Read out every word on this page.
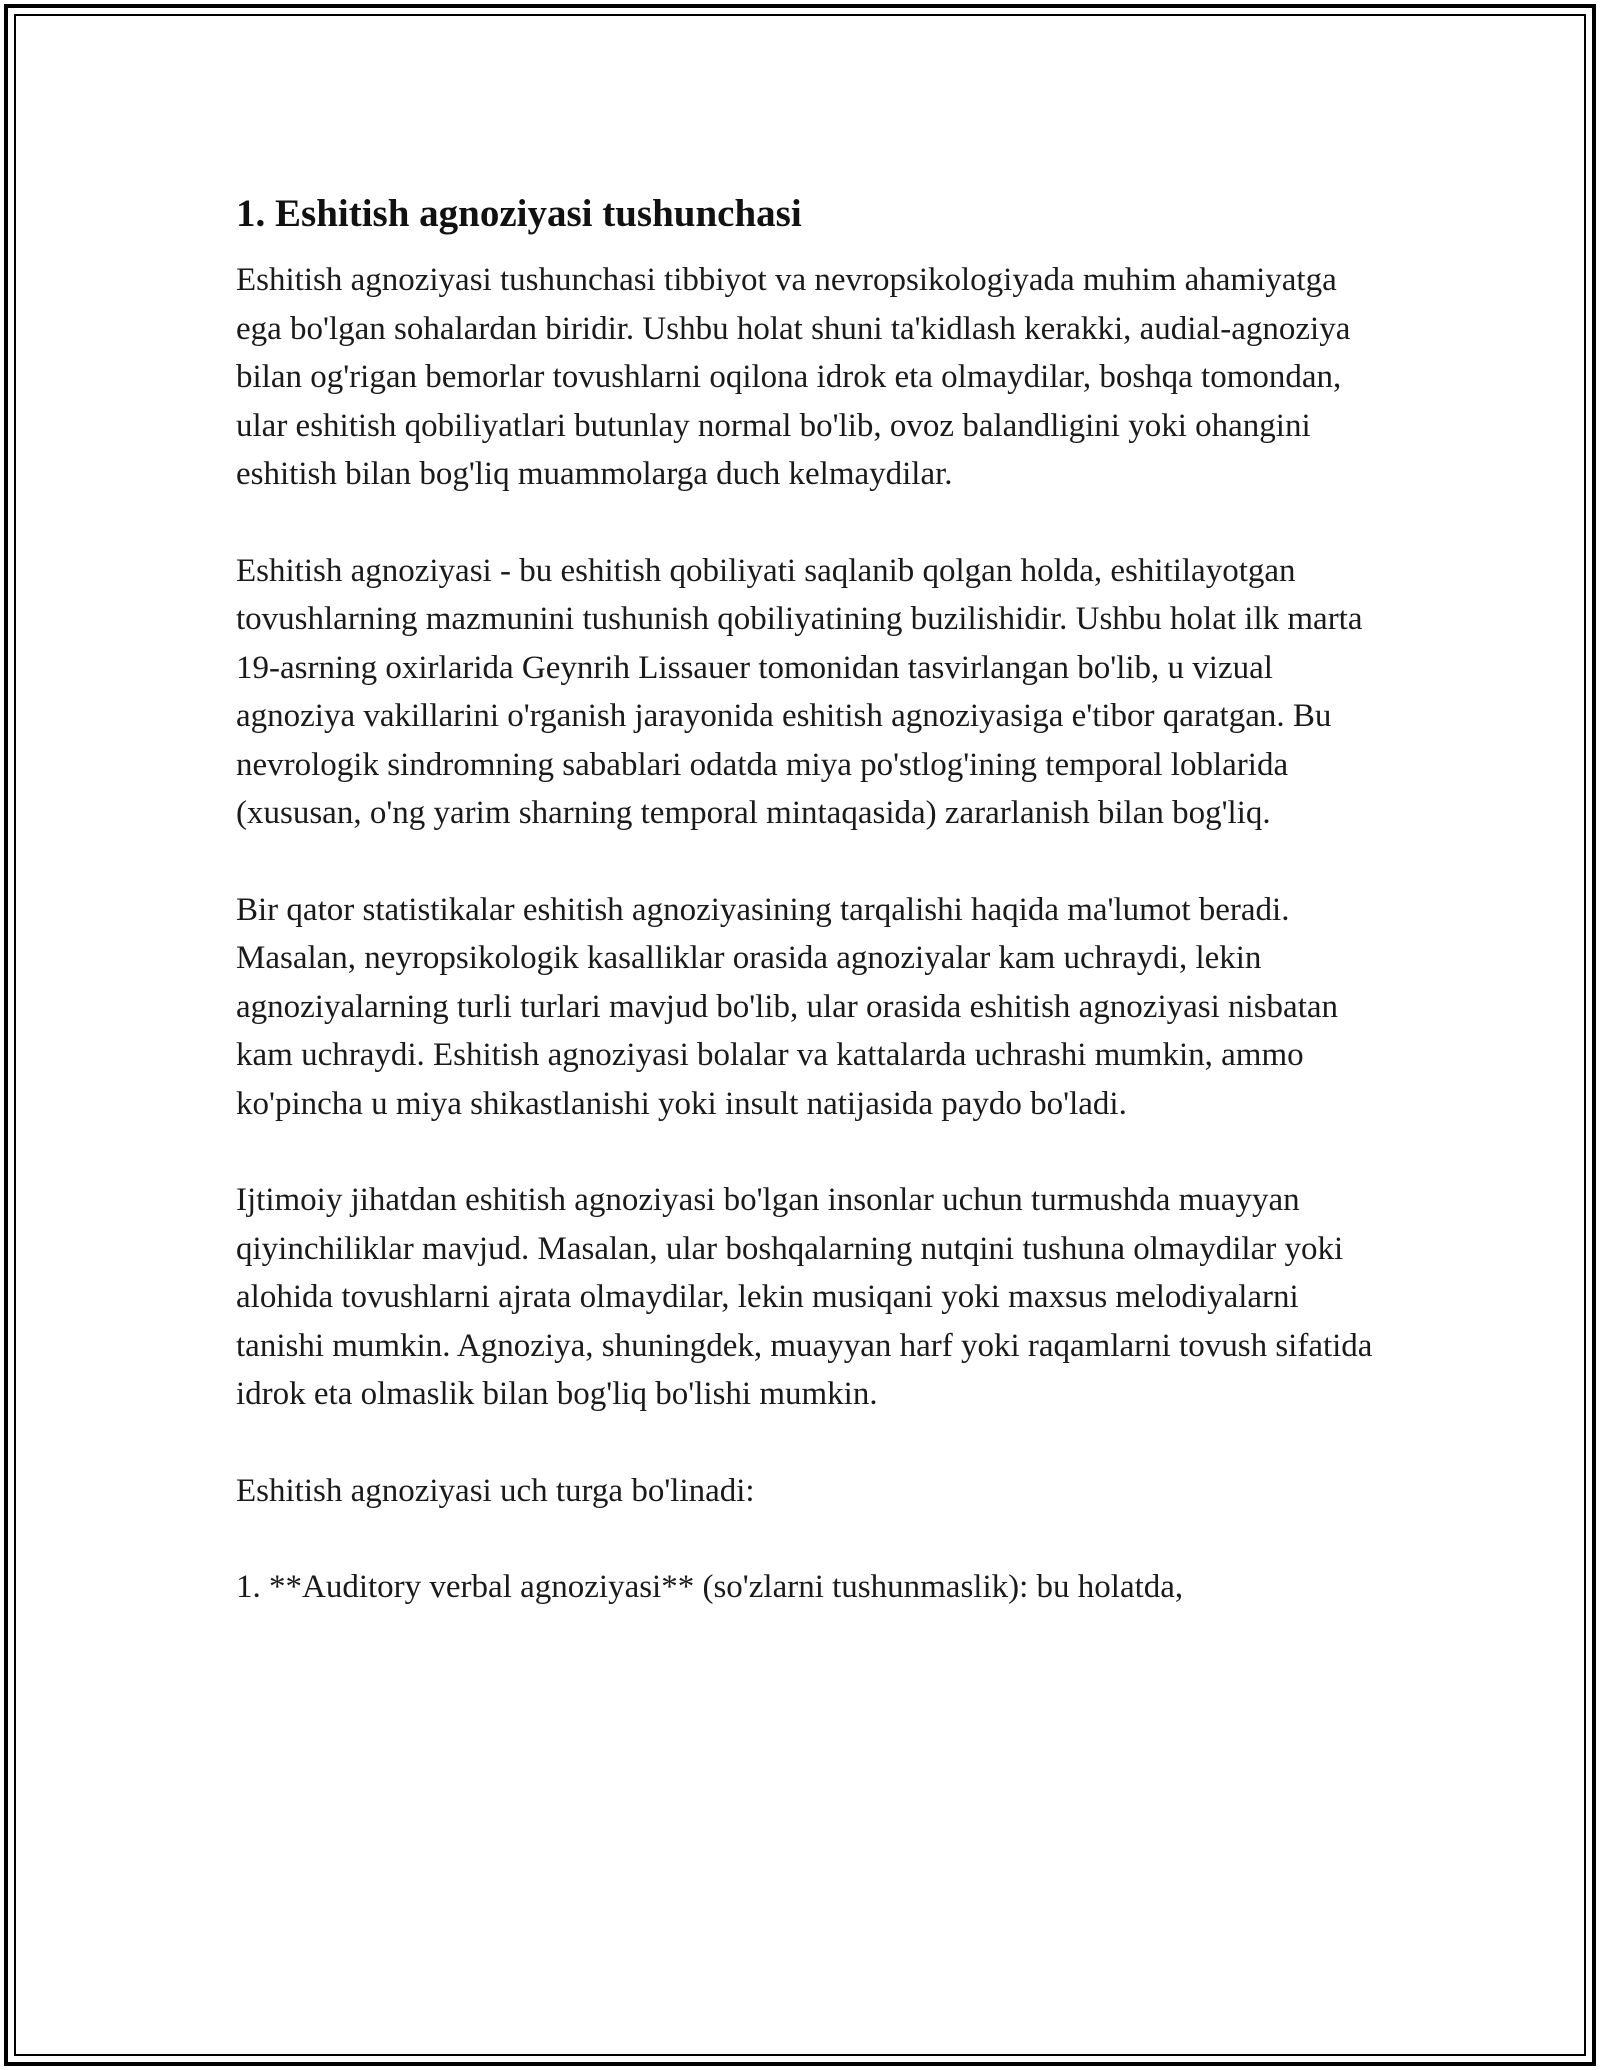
1. Eshitish agnoziyasi tushunchasi

Eshitish agnoziyasi tushunchasi tibbiyot va nevropsikologiyada muhim ahamiyatga ega bo'lgan sohalardan biridir. Ushbu holat shuni ta'kidlash kerakki, audial-agnoziya bilan og'rigan bemorlar tovushlarni oqilona idrok eta olmaydilar, boshqa tomondan, ular eshitish qobiliyatlari butunlay normal bo'lib, ovoz balandligini yoki ohangini eshitish bilan bog'liq muammolarga duch kelmaydilar.

Eshitish agnoziyasi - bu eshitish qobiliyati saqlanib qolgan holda, eshitilayotgan tovushlarning mazmunini tushunish qobiliyatining buzilishidir. Ushbu holat ilk marta 19-asrning oxirlarida Geynrih Lissauer tomonidan tasvirlangan bo'lib, u vizual agnoziya vakillarini o'rganish jarayonida eshitish agnoziyasiga e'tibor qaratgan. Bu nevrologik sindromning sabablari odatda miya po'stlog'ining temporal loblarida (xususan, o'ng yarim sharning temporal mintaqasida) zararlanish bilan bog'liq.

Bir qator statistikalar eshitish agnoziyasining tarqalishi haqida ma'lumot beradi. Masalan, neyropsikologik kasalliklar orasida agnoziyalar kam uchraydi, lekin agnoziyalarning turli turlari mavjud bo'lib, ular orasida eshitish agnoziyasi nisbatan kam uchraydi. Eshitish agnoziyasi bolalar va kattalarda uchrashi mumkin, ammo ko'pincha u miya shikastlanishi yoki insult natijasida paydo bo'ladi.

Ijtimoiy jihatdan eshitish agnoziyasi bo'lgan insonlar uchun turmushda muayyan qiyinchiliklar mavjud. Masalan, ular boshqalarning nutqini tushuna olmaydilar yoki alohida tovushlarni ajrata olmaydilar, lekin musiqani yoki maxsus melodiyalarni tanishi mumkin. Agnoziya, shuningdek, muayyan harf yoki raqamlarni tovush sifatida idrok eta olmaslik bilan bog'liq bo'lishi mumkin.

Eshitish agnoziyasi uch turga bo'linadi:

1. **Auditory verbal agnoziyasi** (so'zlarni tushunmaslik): bu holatda,
